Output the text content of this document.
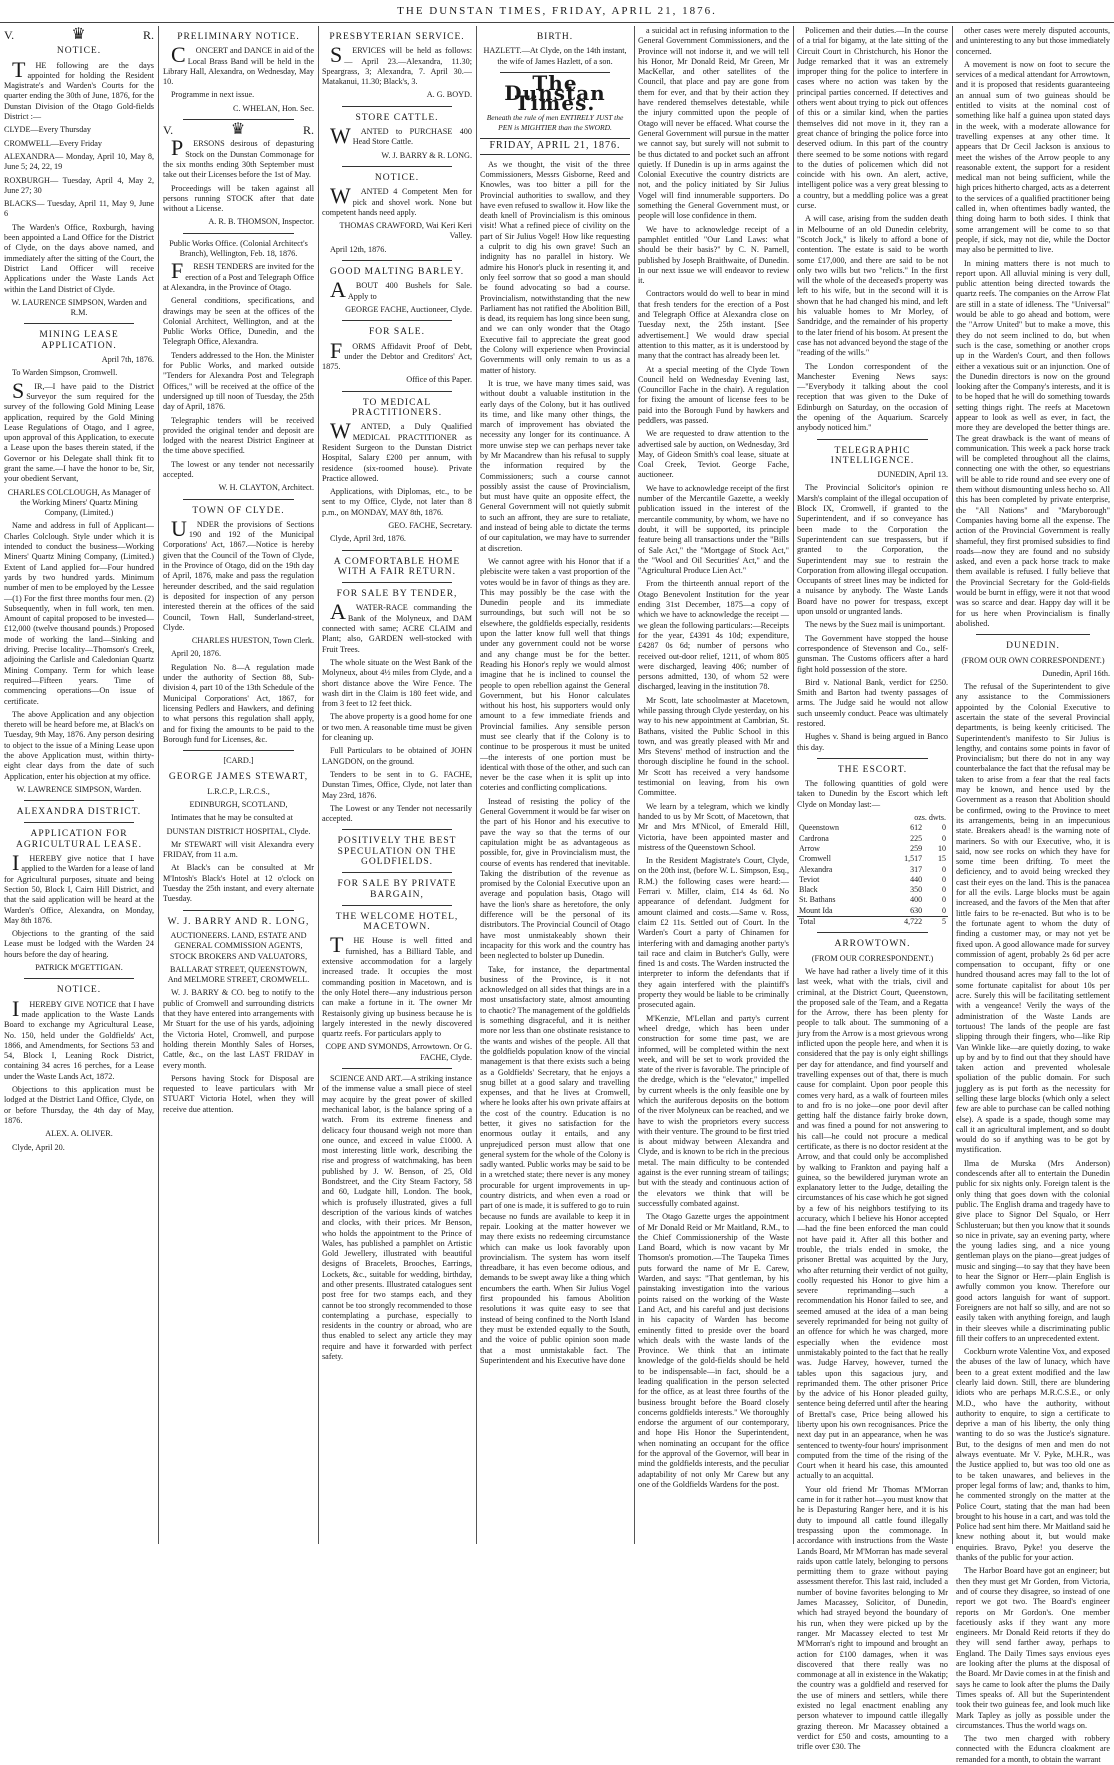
THE DUNSTAN TIMES, FRIDAY, APRIL 21, 1876.
V.	♛	R.

NOTICE.

THE following are the days appointed for holding the Resident Magistrate's and Warden's Courts for the quarter ending the 30th of June, 1876, for the Dunstan Division of the Otago Gold-fields District :—

CLYDE—Every Thursday

CROMWELL—Every Friday

ALEXANDRA— Monday, April 10, May 8, June 5; 24, 22, 19

ROXBURGH— Tuesday, April 4, May 2, June 27; 30

BLACKS— Tuesday, April 11, May 9, June 6

The Warden's Office, Roxburgh, having been appointed a Land Office for the District of Clyde, on the days above named, and immediately after the sitting of the Court, the District Land Officer will receive Applications under the Waste Lands Act within the Land District of Clyde.

W. LAURENCE SIMPSON, Warden and R.M.

MINING LEASE APPLICATION.

April 7th, 1876.

To Warden Simpson, Cromwell.

SIR,—I have paid to the District Surveyor the sum required for the survey of the following Gold Mining Lease application, required by the Gold Mining Lease Regulations of Otago, and I agree, upon approval of this Application, to execute a Lease upon the bases therein stated, if the Governor or his Delegate shall think fit to grant the same.—I have the honor to be, Sir, your obedient Servant,

CHARLES COLCLOUGH, As Manager of the Working Miners' Quartz Mining Company, (Limited.)

Name and address in full of Applicant—Charles Colclough. Style under which it is intended to conduct the business—Working Miners' Quartz Mining Company, (Limited.) Extent of Land applied for—Four hundred yards by two hundred yards. Minimum number of men to be employed by the Lessee—(1) For the first three months four men. (2) Subsequently, when in full work, ten men. Amount of capital proposed to be invested—£12,000 (twelve thousand pounds.) Proposed mode of working the land—Sinking and driving. Precise locality—Thomson's Creek, adjoining the Carlisle and Caledonian Quartz Mining Company. Term for which lease required—Fifteen years. Time of commencing operations—On issue of certificate.

The above Application and any objection thereto will be heard before me, at Black's on Tuesday, 9th May, 1876. Any person desiring to object to the issue of a Mining Lease upon the above Application must, within thirty-eight clear days from the date of such Application, enter his objection at my office.

W. LAWRENCE SIMPSON, Warden.

ALEXANDRA DISTRICT.

APPLICATION FOR AGRICULTURAL LEASE.

IHEREBY give notice that I have applied to the Warden for a lease of land for Agricultural purposes, situate and being Section 50, Block I, Cairn Hill District, and that the said application will be heard at the Warden's Office, Alexandra, on Monday, May 8th 1876.

Objections to the granting of the said Lease must be lodged with the Warden 24 hours before the day of hearing.

PATRICK M'GETTIGAN.

NOTICE.

IHEREBY GIVE NOTICE that I have made application to the Waste Lands Board to exchange my Agricultural Lease, No. 150, held under the Goldfields' Act, 1866, and Amendments, for Sections 53 and 54, Block I, Leaning Rock District, containing 34 acres 16 perches, for a Lease under the Waste Lands Act, 1872.

Objections to this application must be lodged at the District Land Office, Clyde, on or before Thursday, the 4th day of May, 1876.

ALEX. A. OLIVER.

Clyde, April 20.

PRELIMINARY NOTICE.

CONCERT and DANCE in aid of the Local Brass Band will be held in the Library Hall, Alexandra, on Wednesday, May 10.

Programme in next issue.

C. WHELAN, Hon. Sec.

V.	♛	R.

PERSONS desirous of depasturing Stock on the Dunstan Commonage for the six months ending 30th September must take out their Licenses before the 1st of May.

Proceedings will be taken against all persons running STOCK after that date without a License.

A. R. B. THOMSON, Inspector.

Public Works Office. (Colonial Architect's Branch), Wellington, Feb. 18, 1876.

FRESH TENDERS are invited for the erection of a Post and Telegraph Office at Alexandra, in the Province of Otago.

General conditions, specifications, and drawings may be seen at the offices of the Colonial Architect, Wellington, and at the Public Works Office, Dunedin, and the Telegraph Office, Alexandra.

Tenders addressed to the Hon. the Minister for Public Works, and marked outside "Tenders for Alexandra Post and Telegraph Offices," will be received at the office of the undersigned up till noon of Tuesday, the 25th day of April, 1876.

Telegraphic tenders will be received provided the original tender and deposit are lodged with the nearest District Engineer at the time above specified.

The lowest or any tender not necessarily accepted.

W. H. CLAYTON, Architect.

TOWN OF CLYDE.

UNDER the provisions of Sections 190 and 192 of the Municipal Corporations' Act, 1867.—Notice is hereby given that the Council of the Town of Clyde, in the Province of Otago, did on the 19th day of April, 1876, make and pass the regulation hereunder described, and the said regulation is deposited for inspection of any person interested therein at the offices of the said Council, Town Hall, Sunderland-street, Clyde.

CHARLES HUESTON, Town Clerk.

April 20, 1876.

Regulation No. 8—A regulation made under the authority of Section 88, Sub-division 4, part 10 of the 13th Schedule of the Municipal Corporations' Act, 1867, for licensing Pedlers and Hawkers, and defining to what persons this regulation shall apply, and for fixing the amounts to be paid to the Borough fund for Licenses, &c.

[CARD.]

GEORGE JAMES STEWART,

L.R.C.P., L.R.C.S.,

EDINBURGH, SCOTLAND,

Intimates that he may be consulted at

DUNSTAN DISTRICT HOSPITAL, Clyde.

Mr STEWART will visit Alexandra every FRIDAY, from 11 a.m.

At Black's can be consulted at Mr M'Intosh's Black's Hotel at 12 o'clock on Tuesday the 25th instant, and every alternate Tuesday.

W. J. BARRY AND R. LONG,

AUCTIONEERS. LAND, ESTATE AND GENERAL COMMISSION AGENTS, STOCK BROKERS AND VALUATORS,

BALLARAT STREET, QUEENSTOWN, And MELMORE STREET, CROMWELL.

W. J. BARRY & CO. beg to notify to the public of Cromwell and surrounding districts that they have entered into arrangements with Mr Stuart for the use of his yards, adjoining the Victoria Hotel, Cromwell, and purpose holding therein Monthly Sales of Horses, Cattle, &c., on the last LAST FRIDAY in every month.

Persons having Stock for Disposal are requested to leave particulars with Mr STUART Victoria Hotel, when they will receive due attention.

PRESBYTERIAN SERVICE.

SERVICES will be held as follows:— April 23.—Alexandra, 11.30; Speargrass, 3; Alexandra, 7. April 30.—Matakanui, 11.30; Black's, 3.

A. G. BOYD.

STORE CATTLE.

WANTED to PURCHASE 400 Head Store Cattle.

W. J. BARRY & R. LONG.

NOTICE.

WANTED 4 Competent Men for pick and shovel work. None but competent hands need apply.

THOMAS CRAWFORD, Wai Keri Keri Valley.

April 12th, 1876.

GOOD MALTING BARLEY.

ABOUT 400 Bushels for Sale. Apply to

GEORGE FACHE, Auctioneer, Clyde.

FOR SALE.

FORMS Affidavit Proof of Debt, under the Debtor and Creditors' Act, 1875.

Office of this Paper.

TO MEDICAL PRACTITIONERS.

WANTED, a Duly Qualified MEDICAL PRACTITIONER as Resident Surgeon to the Dunstan District Hospital, Salary £200 per annum, with residence (six-roomed house). Private Practice allowed.

Applications, with Diplomas, etc., to be sent to my Office, Clyde, not later than 8 p.m., on MONDAY, MAY 8th, 1876.

GEO. FACHE, Secretary.

Clyde, April 3rd, 1876.

A COMFORTABLE HOME WITH A FAIR RETURN.

FOR SALE BY TENDER,

AWATER-RACE commanding the Bank of the Molyneux, and DAM connected with same; ACRE CLAIM and Plant; also, GARDEN well-stocked with Fruit Trees.

The whole situate on the West Bank of the Molyneux, about 4½ miles from Clyde, and a short distance above the Wire Fence. The wash dirt in the Claim is 180 feet wide, and from 3 feet to 12 feet thick.

The above property is a good home for one or two men. A reasonable time must be given for cleaning up.

Full Particulars to be obtained of JOHN LANGDON, on the ground.

Tenders to be sent in to G. FACHE, Dunstan Times, Office, Clyde, not later than May 23rd, 1876.

The Lowest or any Tender not necessarily accepted.

POSITIVELY THE BEST SPECULATION ON THE GOLDFIELDS.

FOR SALE BY PRIVATE BARGAIN,

THE WELCOME HOTEL, MACETOWN.

THE House is well fitted and furnished, has a Billiard Table, and extensive accommodation for a largely increased trade. It occupies the most commanding position in Macetown, and is the only Hotel there—any industrious person can make a fortune in it. The owner Mr Restaisonly giving up business because he is largely interested in the newly discovered quartz reefs. For particulars apply to

COPE AND SYMONDS, Arrowtown. Or G. FACHE, Clyde.

SCIENCE AND ART.—A striking instance of the immense value a small piece of steel may acquire by the great power of skilled mechanical labor, is the balance spring of a watch. From its extreme fineness and delicacy four thousand weigh not more than one ounce, and exceed in value £1000. A most interesting little work, describing the rise and progress of watchmaking, has been published by J. W. Benson, of 25, Old Bondstreet, and the City Steam Factory, 58 and 60, Ludgate hill, London. The book, which is profusely illustrated, gives a full description of the various kinds of watches and clocks, with their prices. Mr Benson, who holds the appointment to the Prince of Wales, has published a pamphlet on Artistic Gold Jewellery, illustrated with beautiful designs of Bracelets, Brooches, Earrings, Lockets, &c., suitable for wedding, birthday, and other presents. Illustrated catalogues sent post free for two stamps each, and they cannot be too strongly recommended to those contemplating a purchase, especially to residents in the country or abroad, who are thus enabled to select any article they may require and have it forwarded with perfect safety.

BIRTH.

HAZLETT.—At Clyde, on the 14th instant, the wife of James Hazlett, of a son.

The Dunstan Times.

Beneath the rule of men ENTIRELY JUST the PEN is MIGHTIER than the SWORD.

FRIDAY, APRIL 21, 1876.

As we thought, the visit of the three Commissioners, Messrs Gisborne, Reed and Knowles, was too bitter a pill for the Provincial authorities to swallow, and they have even refused to swallow it. How like the death knell of Provincialism is this ominous visit! What a refined piece of civility on the part of Sir Julius Vogel! How like requesting a culprit to dig his own grave! Such an indignity has no parallel in history. We admire his Honor's pluck in resenting it, and only feel sorrow that so good a man should be found advocating so bad a course. Provincialism, notwithstanding that the new Parliament has not ratified the Abolition Bill, is dead, its requiem has long since been sung, and we can only wonder that the Otago Executive fail to appreciate the great good the Colony will experience when Provincial Governments will only remain to us as a matter of history.

It is true, we have many times said, was without doubt a valuable institution in the early days of the Colony, but it has outlived its time, and like many other things, the march of improvement has obviated the necessity any longer for its continuance. A more unwise step we can perhaps never take by Mr Macandrew than his refusal to supply the information required by the Commissioners; such a course cannot possibly assist the cause of Provincialism, but must have quite an opposite effect, the General Government will not quietly submit to such an affront, they are sure to retaliate, and instead of being able to dictate the terms of our capitulation, we may have to surrender at discretion.

We cannot agree with his Honor that if a plebiscite were taken a vast proportion of the votes would be in favor of things as they are. This may possibly be the case with the Dunedin people and its immediate surroundings, but such will not be so elsewhere, the goldfields especially, residents upon the latter know full well that things under any government could not be worse and any change must be for the better. Reading his Honor's reply we would almost imagine that he is inclined to counsel the people to open rebellion against the General Government, but his Honor calculates without his host, his supporters would only amount to a few immediate friends and Provincial families. Any sensible person must see clearly that if the Colony is to continue to be prosperous it must be united —the interests of one portion must be identical with those of the other, and such can never be the case when it is split up into coteries and conflicting complications.

Instead of resisting the policy of the General Government it would be far wiser on the part of his Honor and his executive to pave the way so that the terms of our capitulation might be as advantageous as possible, for, give in Provincialism must, the course of events has rendered that inevitable. Taking the distribution of the revenue as promised by the Colonial Executive upon an average and population basis, Otago will have the lion's share as heretofore, the only difference will be the personal of its distributors. The Provincial Council of Otago have most unmistakeably shown their incapacity for this work and the country has been neglected to bolster up Dunedin.

Take, for instance, the departmental business of the Province, is it not acknowledged on all sides that things are in a most unsatisfactory state, almost amounting to chaotic? The management of the goldfields is something disgraceful, and it is neither more nor less than one obstinate resistance to the wants and wishes of the people. All that the goldfields population know of the vincial management is that there exists such a being as a Goldfields' Secretary, that he enjoys a snug billet at a good salary and travelling expenses, and that he lives at Cromwell, where he looks after his own private affairs at the cost of the country. Education is no better, it gives no satisfaction for the enormous outlay it entails, and any unprejudiced person must allow that one general system for the whole of the Colony is sadly wanted. Public works may be said to be in a wretched state; there never is any money procurable for urgent improvements in up-country districts, and when even a road or part of one is made, it is suffered to go to ruin because no funds are available to keep it in repair. Looking at the matter however we may there exists no redeeming circumstance which can make us look favorably upon provincialism. The system has worn itself threadbare, it has even become odious, and demands to be swept away like a thing which encumbers the earth. When Sir Julius Vogel first propounded his famous Abolition resolutions it was quite easy to see that instead of being confined to the North Island they must be extended equally to the South, and the voice of public opinion soon made that a most unmistakable fact. The Superintendent and his Executive have done

a suicidal act in refusing information to the General Government Commissioners, and the Province will not indorse it, and we will tell his Honor, Mr Donald Reid, Mr Green, Mr MacKellar, and other satellites of the Council, that place and pay are gone from them for ever, and that by their action they have rendered themselves detestable, while the injury committed upon the people of Otago will never be effaced. What course the General Government will pursue in the matter we cannot say, but surely will not submit to be thus dictated to and pocket such an affront quietly. If Dunedin is up in arms against the Colonial Executive the country districts are not, and the policy initiated by Sir Julius Vogel will find innumerable supporters. Do something the General Government must, or people will lose confidence in them.

We have to acknowledge receipt of a pamphlet entitled "Our Land Laws: what should be their basis?" by C. N. Parnell, published by Joseph Braithwaite, of Dunedin. In our next issue we will endeavor to review it.

Contractors would do well to bear in mind that fresh tenders for the erection of a Post and Telegraph Office at Alexandra close on Tuesday next, the 25th instant. [See advertisement.] We would draw special attention to this matter, as it is understood by many that the contract has already been let.

At a special meeting of the Clyde Town Council held on Wednesday Evening last, (Councillor Fache in the chair). A regulation for fixing the amount of license fees to be paid into the Borough Fund by hawkers and peddlers, was passed.

We are requested to draw attention to the advertised sale by auction, on Wednesday, 3rd May, of Gideon Smith's coal lease, situate at Coal Creek, Teviot. George Fache, auctioneer.

We have to acknowledge receipt of the first number of the Mercantile Gazette, a weekly publication issued in the interest of the mercantile community, by whom, we have no doubt, it will be supported, its principle feature being all transactions under the "Bills of Sale Act," the "Mortgage of Stock Act," the "Wool and Oil Securities' Act," and the "Agricultural Produce Lien Act."

From the thirteenth annual report of the Otago Benevolent Institution for the year ending 31st December, 1875—a copy of which we have to acknowledge the receipt —we glean the following particulars:—Receipts for the year, £4391 4s 10d; expenditure, £4287 0s 6d; number of persons who received out-door relief, 1211, of whom 805 were discharged, leaving 406; number of persons admitted, 130, of whom 52 were discharged, leaving in the institution 78.

Mr Scott, late schoolmaster at Macetown, while passing through Clyde yesterday, on his way to his new appointment at Cambrian, St. Bathans, visited the Public School in this town, and was greatly pleased with Mr and Mrs Stevens' method of instruction and the thorough discipline he found in the school. Mr Scott has received a very handsome testimonial on leaving, from his own Committee.

We learn by a telegram, which we kindly handed to us by Mr Scott, of Macetown, that Mr and Mrs M'Nicol, of Emerald Hill, Victoria, have been appointed master and mistress of the Queenstown School.

In the Resident Magistrate's Court, Clyde, on the 20th inst, (before W. L. Simpson, Esq., R.M.) the following cases were heard:—Ferrari v. Miller, claim, £14 4s 6d. No appearance of defendant. Judgment for amount claimed and costs.—Same v. Ross, claim £2 11s. Settled out of Court. In the Warden's Court a party of Chinamen for interfering with and damaging another party's tail race and claim in Butcher's Gully, were fined 1s and costs. The Warden instructed the interpreter to inform the defendants that if they again interfered with the plaintiff's property they would be liable to be criminally prosecuted again.

M'Kenzie, M'Lellan and party's current wheel dredge, which has been under construction for some time past, we are informed, will be completed within the next week, and will be set to work provided the state of the river is favorable. The principle of the dredge, which is the "elevator," impelled by current wheels is the only feasible one by which the auriferous deposits on the bottom of the river Molyneux can be reached, and we have to wish the proprietors every success with their venture. The ground to be first tried is about midway between Alexandra and Clyde, and is known to be rich in the precious metal. The main difficulty to be contended against is the ever running stream of tailings; but with the steady and continuous action of the elevators we think that will be successfully combated against.

The Otago Gazette urges the appointment of Mr Donald Reid or Mr Maitland, R.M., to the Chief Commissionership of the Waste Land Board, which is now vacant by Mr Thomson's promotion.—The Taupeka Times puts forward the name of Mr E. Carew, Warden, and says: "That gentleman, by his painstaking investigation into the various points raised on the working of the Waste Land Act, and his careful and just decisions in his capacity of Warden has become eminently fitted to preside over the board which deals with the waste lands of the Province. We think that an intimate knowledge of the gold-fields should be held to be indispensable—in fact, should be a leading qualification in the person selected for the office, as at least three fourths of the business brought before the Board closely concerns goldfields interests." We thoroughly endorse the argument of our contemporary, and hope His Honor the Superintendent, when nominating an occupant for the office for the approval of the Governor, will bear in mind the goldfields interests, and the peculiar adaptability of not only Mr Carew but any one of the Goldfields Wardens for the post.

Policemen and their duties.—In the course of a trial for bigamy, at the late sitting of the Circuit Court in Christchurch, his Honor the Judge remarked that it was an extremely improper thing for the police to interfere in cases where no action was taken by the principal parties concerned. If detectives and others went about trying to pick out offences of this or a similar kind, when the parties themselves did not move in it, they ran a great chance of bringing the police force into deserved odium. In this part of the country there seemed to be some notions with regard to the duties of policemen which did not coincide with his own. An alert, active, intelligent police was a very great blessing to a country, but a meddling police was a great curse.

A will case, arising from the sudden death in Melbourne of an old Dunedin celebrity, "Scotch Jock," is likely to afford a bone of contention. The estate is said to be worth some £17,000, and there are said to be not only two wills but two "relicts." In the first will the whole of the deceased's property was left to his wife, but in the second will it is shown that he had changed his mind, and left his valuable homes to Mr Morley, of Sandridge, and the remainder of his property to the later friend of his bosom. At present the case has not advanced beyond the stage of the "reading of the wills."

The London correspondent of the Manchester Evening News says:—"Everybody it talking about the cool reception that was given to the Duke of Edinburgh on Saturday, on the occasion of the opening of the Aquarium. Scarcely anybody noticed him."

TELEGRAPHIC INTELLIGENCE.

DUNEDIN, April 13.

The Provincial Solicitor's opinion re Marsh's complaint of the illegal occupation of Block IX, Cromwell, if granted to the Superintendent, and if so conveyance has been made to the Corporation the Superintendent can sue trespassers, but if granted to the Corporation, the Superintendent may sue to restrain the Corporation from allowing illegal occupation. Occupants of street lines may be indicted for a nuisance by anybody. The Waste Lands Board have no power for trespass, except upon unsold or ungranted lands.

The news by the Suez mail is unimportant.

The Government have stopped the house correspondence of Stevenson and Co., self-gunsman. The Customs officers after a hard fight hold possession of the store.

Bird v. National Bank, verdict for £250. Smith and Barton had twenty passages of arms. The Judge said he would not allow such unseemly conduct. Peace was ultimately restored.

Hughes v. Shand is being argued in Banco this day.

THE ESCORT.

The following quantities of gold were taken to Dunedin by the Escort which left Clyde on Monday last:—

	ozs. dwts.	
Queenstown	612	0
Cardrona	225	0
Arrow	259	10
Cromwell	1,517	15
Alexandra	317	0
Teviot	440	0
Black	350	0
St. Bathans	400	0
Mount Ida	630	0
Total	4,722	5

ARROWTOWN.

(FROM OUR CORRESPONDENT.)

We have had rather a lively time of it this last week, what with the trials, civil and criminal, at the District Court, Queenstown, the proposed sale of the Team, and a Regatta for the Arrow, there has been plenty for people to talk about. The summoning of a jury from the Arrow is a most grievous wrong inflicted upon the people here, and when it is considered that the pay is only eight shillings per day for attendance, and find yourself and travelling expenses out of that, there is much cause for complaint. Upon poor people this comes very hard, as a walk of fourteen miles to and fro is no joke—one poor devil after getting half the distance fairly broke down, and was fined a pound for not answering to his call—he could not procure a medical certificate, as there is no doctor resident at the Arrow, and that could only be accomplished by walking to Frankton and paying half a guinea, so the bewildered juryman wrote an explanatory letter to the Judge, detailing the circumstances of his case which he got signed by a few of his neighbors testifying to its accuracy, which I believe his Honor accepted—had the fine been enforced the man could not have paid it. After all this bother and trouble, the trials ended in smoke, the prisoner Brettal was acquitted by the Jury, who after returning their verdict of not guilty, coolly requested his Honor to give him a severe reprimanding—such a recommendation his Honor failed to see, and seemed amused at the idea of a man being severely reprimanded for being not guilty of an offence for which he was charged, more especially when the evidence most unmistakably pointed to the fact that he really was. Judge Harvey, however, turned the tables upon this sagacious jury, and reprimanded them. The other prisoner Price by the advice of his Honor pleaded guilty, sentence being deferred until after the hearing of Brettal's case, Price being allowed his liberty upon his own recognisances. Price the next day put in an appearance, when he was sentenced to twenty-four hours' imprisonment computed from the time of the rising of the Court when it heard his case, this amounted actually to an acquittal.

Your old friend Mr Thomas M'Morran came in for it rather hot—you must know that he is Depasturing Ranger here, and it is his duty to impound all cattle found illegally trespassing upon the commonage. In accordance with instructions from the Waste Lands Board, Mr M'Morran has made several raids upon cattle lately, belonging to persons permitting them to graze without paying assessment therefor. This last raid, included a number of bovine favorites belonging to Mr James Macassey, Solicitor, of Dunedin, which had strayed beyond the boundary of his run, when they were picked up by the ranger. Mr Macassey elected to test Mr M'Morran's right to impound and brought an action for £100 damages, when it was discovered that there really was no commonage at all in existence in the Wakatip; the country was a goldfield and reserved for the use of miners and settlers, while there existed no legal enactment enabling any person whatever to impound cattle illegally grazing thereon. Mr Macassey obtained a verdict for £50 and costs, amounting to a trifle over £30. The

other cases were merely disputed accounts, and uninteresting to any but those immediately concerned.

A movement is now on foot to secure the services of a medical attendant for Arrowtown, and it is proposed that residents guaranteeing an annual sum of two guineas should be entitled to visits at the nominal cost of something like half a guinea upon stated days in the week, with a moderate allowance for travelling expenses at any other time. It appears that Dr Cecil Jackson is anxious to meet the wishes of the Arrow people to any reasonable extent, the support for a resident medical man not being sufficient, while the high prices hitherto charged, acts as a deterrent to the services of a qualified practitioner being called in, when oftentimes badly wanted, the thing doing harm to both sides. I think that some arrangement will be come to so that people, if sick, may not die, while the Doctor may also be permitted to live.

In mining matters there is not much to report upon. All alluvial mining is very dull, public attention being directed towards the quartz reefs. The companies on the Arrow Flat are still in a state of idleness. The "Universal" would be able to go ahead and bottom, were the "Arrow United" but to make a move, this they do not seem inclined to do, but when such is the case, something or another crops up in the Warden's Court, and then follows either a vexatious suit or an injunction. One of the Dunedin directors is now on the ground looking after the Company's interests, and it is to be hoped that he will do something towards setting things right. The reefs at Macetown appear to look as well as ever, in fact, the more they are developed the better things are. The great drawback is the want of means of communication. This week a pack horse track will be completed throughout all the claims, connecting one with the other, so equestrians will be able to ride round and see every one of them without dismounting unless hecho so. All this has been completed by private enterprise, the "All Nations" and "Maryborough" Companies having borne all the expense. The action of the Provincial Government is really shameful, they first promised subsidies to find roads—now they are found and no subsidy asked, and even a pack horse track to make them available is refused. I fully believe that the Provincial Secretary for the Gold-fields would be burnt in effigy, were it not that wood was so scarce and dear. Happy day will it be for us here when Provincialism is finally abolished.

DUNEDIN.

(FROM OUR OWN CORRESPONDENT.)

Dunedin, April 16th.

The refusal of the Superintendent to give any assistance to the Commissioners appointed by the Colonial Executive to ascertain the state of the several Provincial departments, is being keenly criticised. The Superintendent's manifesto to Sir Julius is lengthy, and contains some points in favor of Provincialism; but there do not in any way counterbalance the fact that the refusal may be taken to arise from a fear that the real facts may be known, and hence used by the Government as a reason that Abolition should be confirmed, owing to the Province to meet its arrangements, being in an impecunious state. Breakers ahead! is the warning note of mariners. So with our Executive, who, it is said, now see rocks on which they have for some time been drifting. To meet the deficiency, and to avoid being wrecked they cast their eyes on the land. This is the panacea for all the evils. Large blocks must be again increased, and the favors of the Men that after little fairs to be re-enacted. But who is to be the fortunate agent to whom the duty of finding a customer may, or may not yet be fixed upon. A good allowance made for survey commission of agent, probably 2s 6d per acre compensation to occupant, fifty or one hundred thousand acres may fall to the lot of some fortunate capitalist for about 10s per acre. Surely this will be facilitating settlement with a vengeance! Verily the ways of the administration of the Waste Lands are tortuous! The lands of the people are fast slipping through their fingers, who—like Rip Van Winkle like—are quietly dozing, to wake up by and by to find out that they should have taken action and prevented wholesale spoliation of the public domain. For such jugglery as is put forth as the necessity for selling these large blocks (which only a select few are able to purchase can be called nothing else). A spade is a spade, though some may call it an agricultural implement, and so doubt would do so if anything was to be got by mystification.

Ilma de Murska (Mrs Anderson) condescends after all to entertain the Dunedin public for six nights only. Foreign talent is the only thing that goes down with the colonial public. The English drama and tragedy have to give place to Signor Del Squalo, or Herr Schlusteruan; but then you know that it sounds so nice in private, say an evening party, where the young ladies sing, and a nice young gentleman plays on the piano—great judges of music and singing—to say that they have been to hear the Signor or Herr—plain English is awfully common you know. Therefore our good actors languish for want of support. Foreigners are not half so silly, and are not so easily taken with anything foreign, and laugh in their sleeves while a discriminating public fill their coffers to an unprecedented extent.

Cockburn wrote Valentine Vox, and exposed the abuses of the law of lunacy, which have been to a great extent modified and the law clearly laid down. Still, there are blundering idiots who are perhaps M.R.C.S.E., or only M.D., who have the authority, without authority to enquire, to sign a certificate to deprive a man of his liberty, the only thing wanting to do so was the Justice's signature. But, to the designs of men and men do not always eventuate. Mr V. Pyke, M.H.R., was the Justice applied to, but was too old one as to be taken unawares, and believes in the proper legal forms of law; and, thanks to him, he commented strongly on the matter at the Police Court, stating that the man had been brought to his house in a cart, and was told the Police had sent him there. Mr Maitland said he knew nothing about it, but would make enquiries. Bravo, Pyke! you deserve the thanks of the public for your action.

The Harbor Board have got an engineer; but then they must get Mr Gorden, from Victoria, and of course they disagree, so instead of one report we got two. The Board's engineer reports on Mr Gordon's. One member facetiously asks if they want any more engineers. Mr Donald Reid retorts if they do they will send farther away, perhaps to England. The Daily Times says envious eyes are looking after the plums at the disposal of the Board. Mr Davie comes in at the finish and says he came to look after the plums the Daily Times speaks of. All but the Superintendent took their two guineas fee, and look much like Mark Tapley as jolly as possible under the circumstances. Thus the world wags on.

The two men charged with robbery connected with the Eduncra cloakment are remanded for a month, to obtain the warrant
